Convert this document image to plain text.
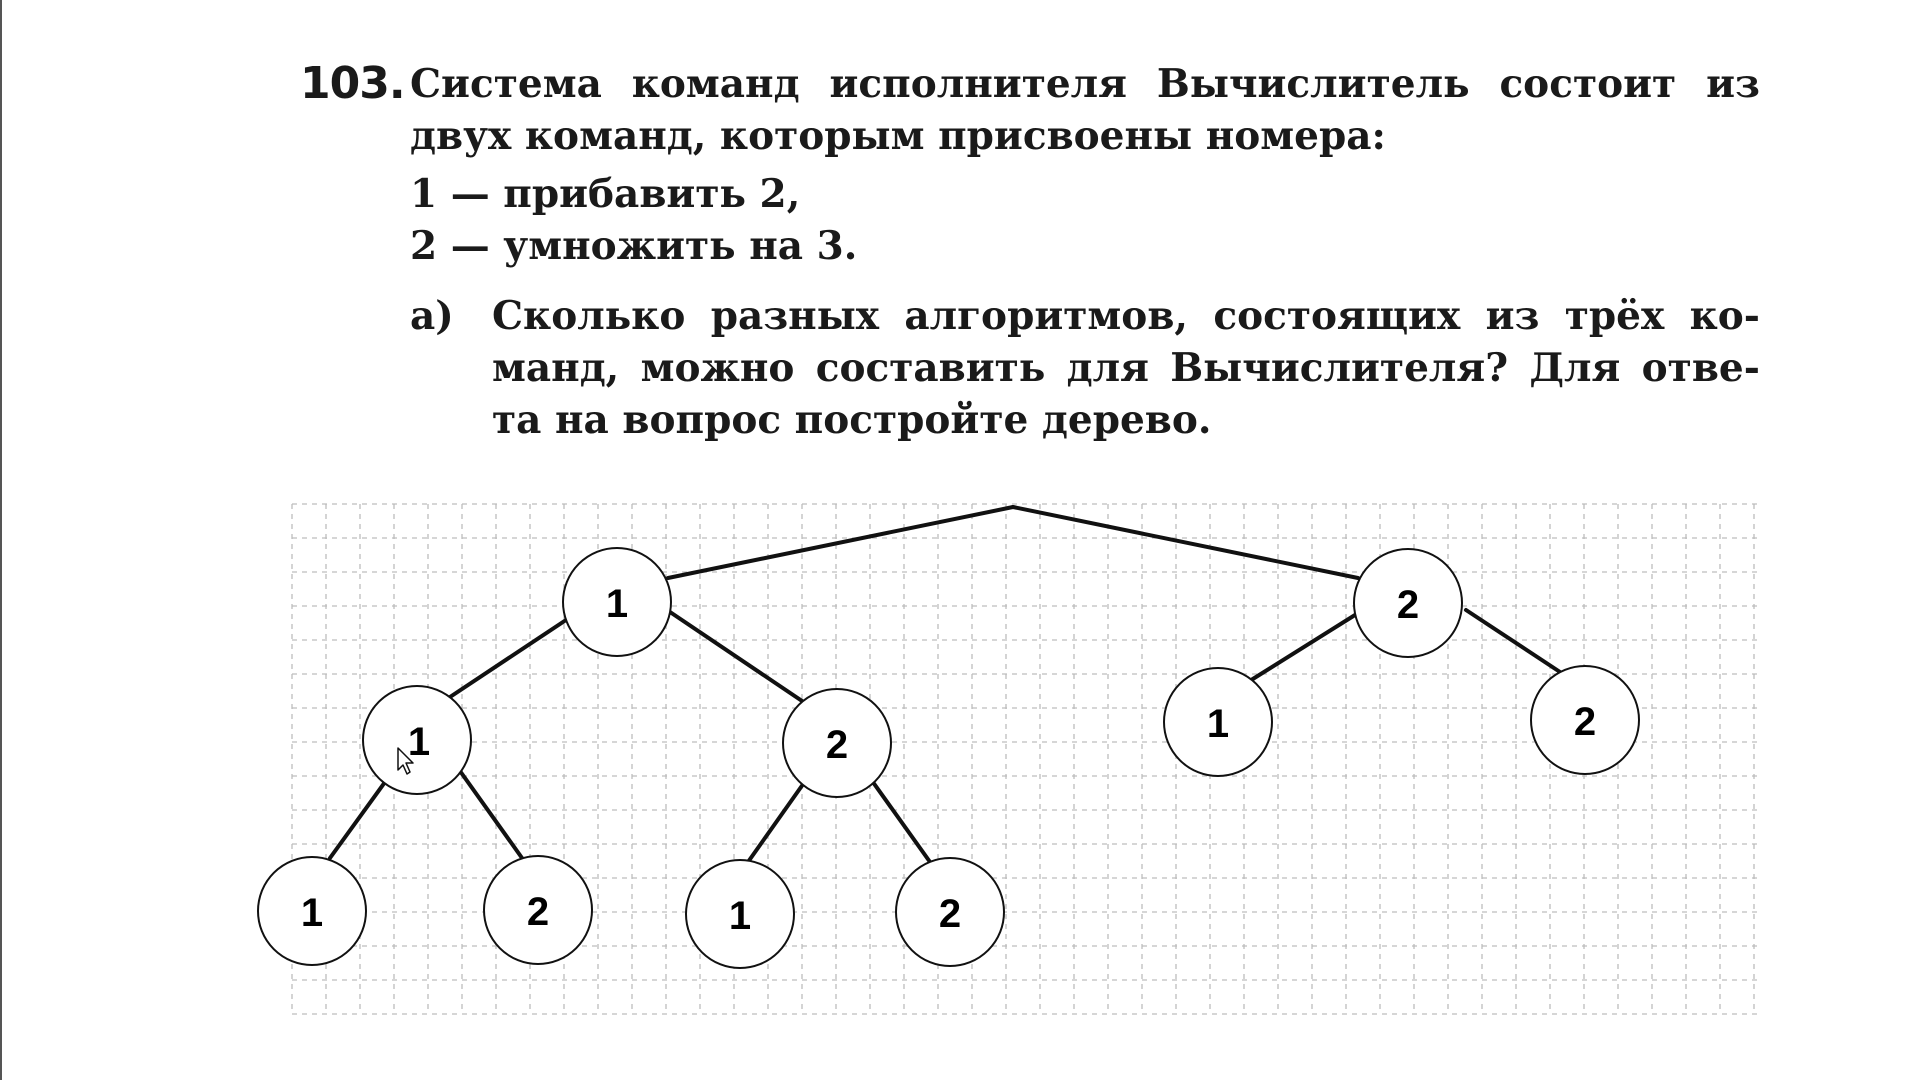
103. Система команд исполнителя Вычислитель состоит из
двух команд, которым присвоены номера:
1 — прибавить 2,
2 — умножить на 3.
а) Сколько разных алгоритмов, состоящих из трёх ко-
манд, можно составить для Вычислителя? Для отве-
та на вопрос постройте дерево.
1	2
1	2	1	2
1	2	1	2
